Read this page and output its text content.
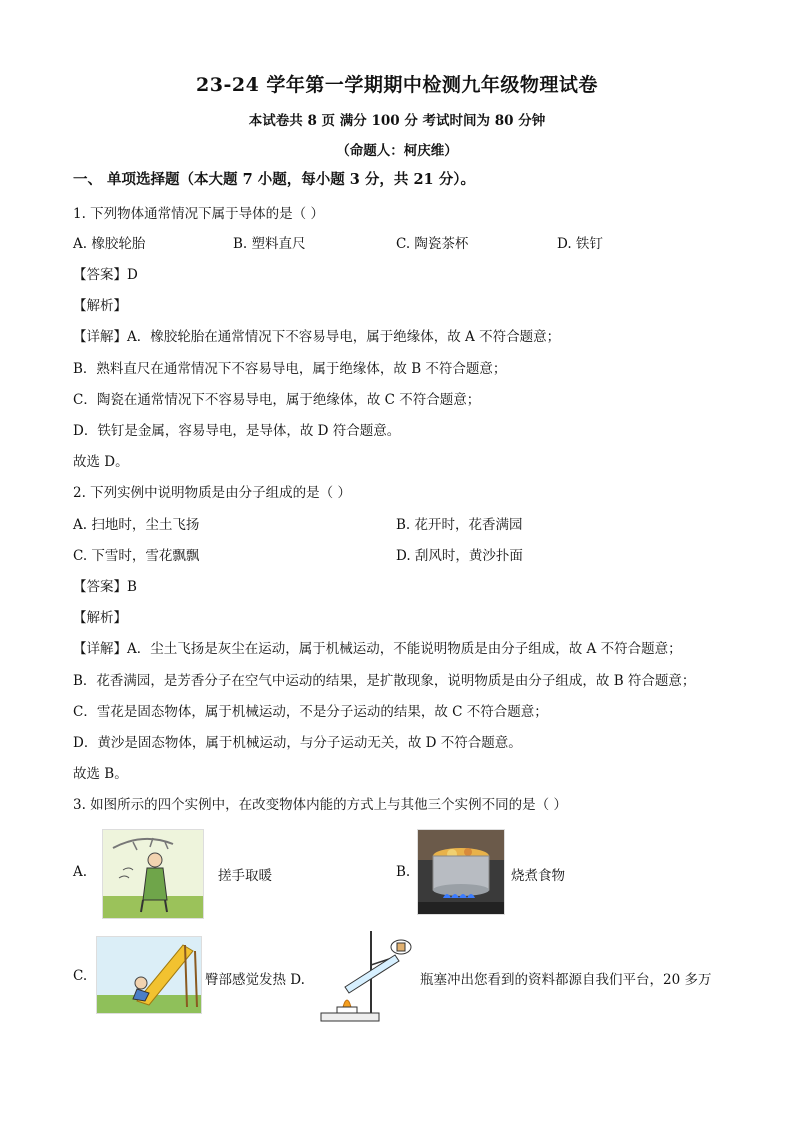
23-24 学年第一学期期中检测九年级物理试卷
本试卷共 8 页 满分 100 分 考试时间为 80 分钟
（命题人：柯庆维）
一、 单项选择题（本大题 7 小题，每小题 3 分，共 21 分）。
1. 下列物体通常情况下属于导体的是（ ）
A. 橡胶轮胎	B. 塑料直尺	C. 陶瓷茶杯	D. 铁钉
【答案】D
【解析】
【详解】A．橡胶轮胎在通常情况下不容易导电，属于绝缘体，故 A 不符合题意；
B．熟料直尺在通常情况下不容易导电，属于绝缘体，故 B 不符合题意；
C．陶瓷在通常情况下不容易导电，属于绝缘体，故 C 不符合题意；
D．铁钉是金属，容易导电，是导体，故 D 符合题意。
故选 D。
2. 下列实例中说明物质是由分子组成的是（ ）
A. 扫地时，尘土飞扬	B. 花开时，花香满园
C. 下雪时，雪花飘飘	D. 刮风时，黄沙扑面
【答案】B
【解析】
【详解】A．尘土飞扬是灰尘在运动，属于机械运动，不能说明物质是由分子组成，故 A 不符合题意；
B．花香满园，是芳香分子在空气中运动的结果，是扩散现象，说明物质是由分子组成，故 B 符合题意；
C．雪花是固态物体，属于机械运动，不是分子运动的结果，故 C 不符合题意；
D．黄沙是固态物体，属于机械运动，与分子运动无关，故 D 不符合题意。
故选 B。
3. 如图所示的四个实例中，在改变物体内能的方式上与其他三个实例不同的是（ ）
A.	搓手取暖	B.	烧煮食物
C.	臀部感觉发热 D.	瓶塞冲出您看到的资料都源自我们平台，20 多万
